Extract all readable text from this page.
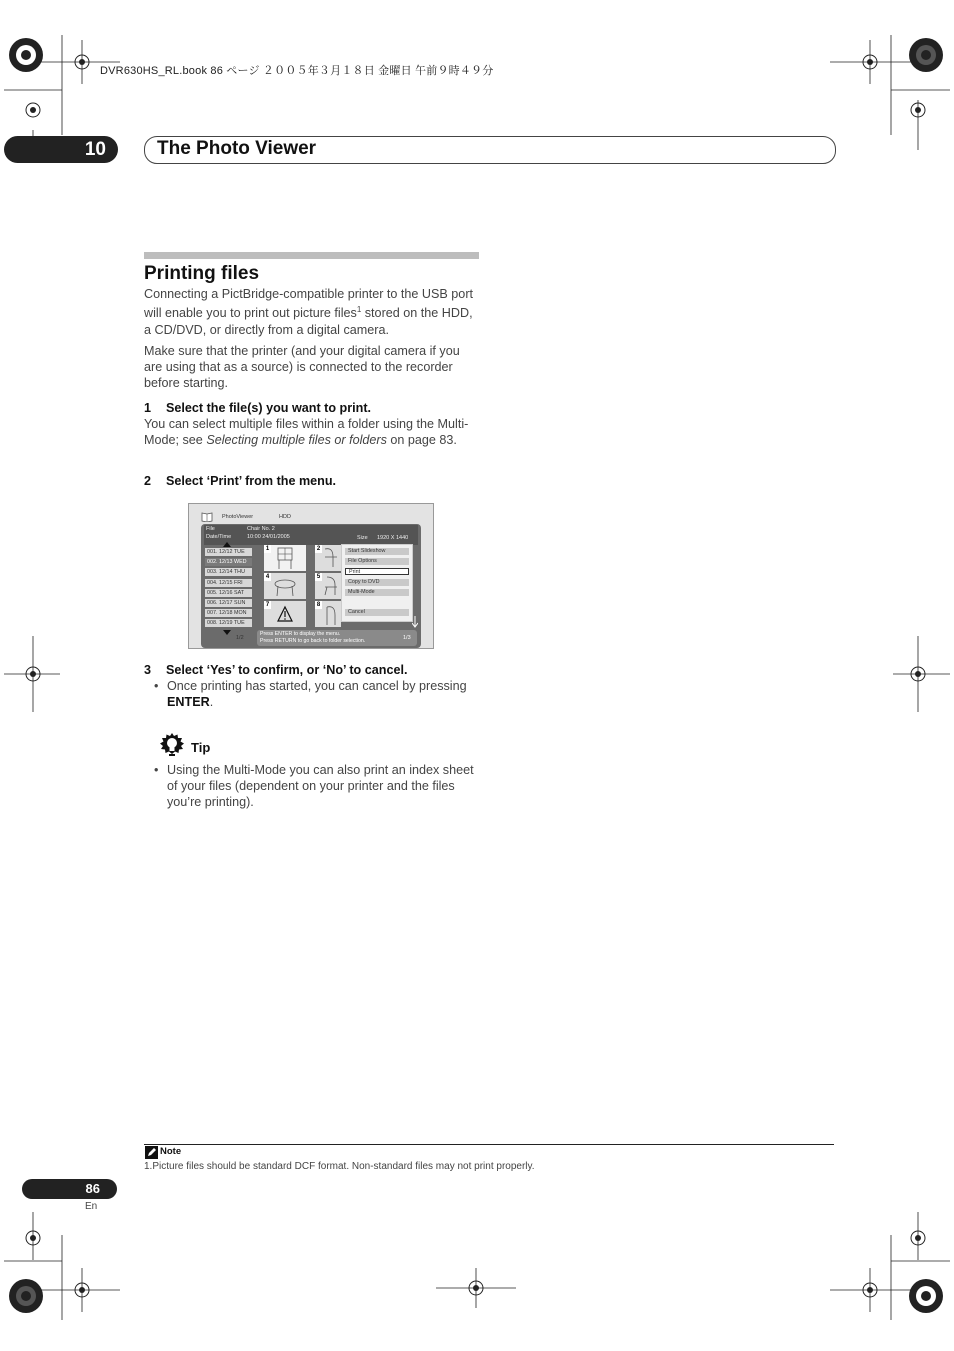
DVR630HS_RL.book 86 ページ ２００５年３月１８日 金曜日 午前９時４９分
10	The Photo Viewer
Printing files
Connecting a PictBridge-compatible printer to the USB port will enable you to print out picture files$^1$ stored on the HDD, a CD/DVD, or directly from a digital camera.
Make sure that the printer (and your digital camera if you are using that as a source) is connected to the recorder before starting.
1 Select the file(s) you want to print.
You can select multiple files within a folder using the Multi-Mode; see Selecting multiple files or folders on page 83.
2 Select ‘Print’ from the menu.
PhotoViewer	HDD
File	Chair No. 2
Date/Time	10:00 24/01/2005	Size 1920 X 1440
001. 12/12 TUE
002. 12/13 WED
003. 12/14 THU
004. 12/15 FRI
005. 12/16 SAT
006. 12/17 SUN
007. 12/18 MON
008. 12/19 TUE
1/2
1	2
4	5
7	8
Start Slideshow
File Options
Print
Copy to DVD
Multi-Mode
Cancel
Press ENTER to display the menu.
Press RETURN to go back to folder selection.	1/3
3 Select ‘Yes’ to confirm, or ‘No’ to cancel.
• Once printing has started, you can cancel by pressing ENTER.
Tip
• Using the Multi-Mode you can also print an index sheet of your files (dependent on your printer and the files you’re printing).
Note
1.Picture files should be standard DCF format. Non-standard files may not print properly.
86
En
